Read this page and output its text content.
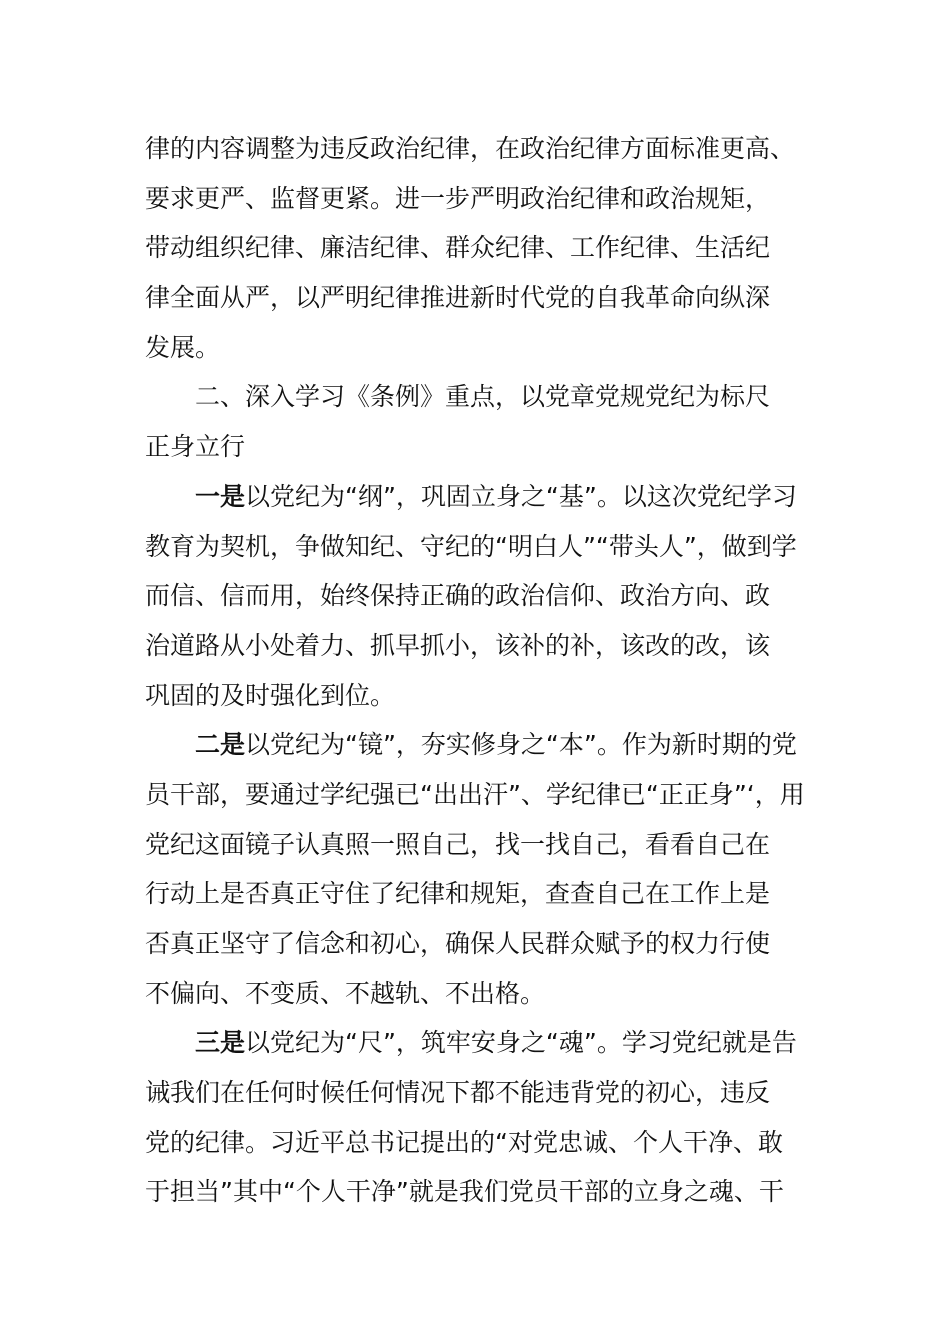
律的内容调整为违反政治纪律，在政治纪律方面标准更高、
要求更严、监督更紧。进一步严明政治纪律和政治规矩，
带动组织纪律、廉洁纪律、群众纪律、工作纪律、生活纪
律全面从严，以严明纪律推进新时代党的自我革命向纵深
发展。
二、深入学习《条例》重点，以党章党规党纪为标尺
正身立行
一是以党纪为“纲”，巩固立身之“基”。以这次党纪学习
教育为契机，争做知纪、守纪的“明白人”“带头人”，做到学
而信、信而用，始终保持正确的政治信仰、政治方向、政
治道路从小处着力、抓早抓小，该补的补，该改的改，该
巩固的及时强化到位。
二是以党纪为“镜”，夯实修身之“本”。作为新时期的党
员干部，要通过学纪强已“出出汗”、学纪律已“正正身”‘，用
党纪这面镜子认真照一照自己，找一找自己，看看自己在
行动上是否真正守住了纪律和规矩，查查自己在工作上是
否真正坚守了信念和初心，确保人民群众赋予的权力行使
不偏向、不变质、不越轨、不出格。
三是以党纪为“尺”，筑牢安身之“魂”。学习党纪就是告
诫我们在任何时候任何情况下都不能违背党的初心，违反
党的纪律。习近平总书记提出的“对党忠诚、个人干净、敢
于担当”其中“个人干净”就是我们党员干部的立身之魂、干
